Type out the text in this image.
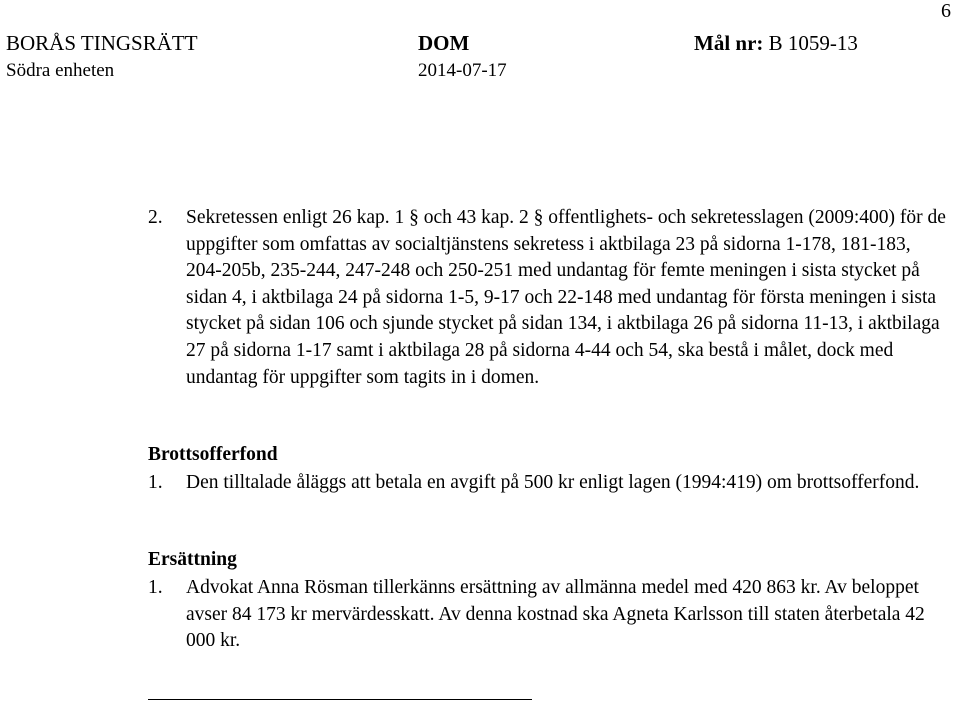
6
BORÅS TINGSRÄTT
Södra enheten
DOM
2014-07-17
Mål nr: B 1059-13
2. Sekretessen enligt 26 kap. 1 § och 43 kap. 2 § offentlighets- och sekretesslagen (2009:400) för de uppgifter som omfattas av socialtjänstens sekretess i aktbilaga 23 på sidorna 1-178, 181-183, 204-205b, 235-244, 247-248 och 250-251 med undantag för femte meningen i sista stycket på sidan 4, i aktbilaga 24 på sidorna 1-5, 9-17 och 22-148 med undantag för första meningen i sista stycket på sidan 106 och sjunde stycket på sidan 134, i aktbilaga 26 på sidorna 11-13, i aktbilaga 27 på sidorna 1-17 samt i aktbilaga 28 på sidorna 4-44 och 54, ska bestå i målet, dock med undantag för uppgifter som tagits in i domen.
Brottsofferfond
1. Den tilltalade åläggs att betala en avgift på 500 kr enligt lagen (1994:419) om brottsofferfond.
Ersättning
1. Advokat Anna Rösman tillerkänns ersättning av allmänna medel med 420 863 kr. Av beloppet avser 84 173 kr mervärdesskatt. Av denna kostnad ska Agneta Karlsson till staten återbetala 42 000 kr.
